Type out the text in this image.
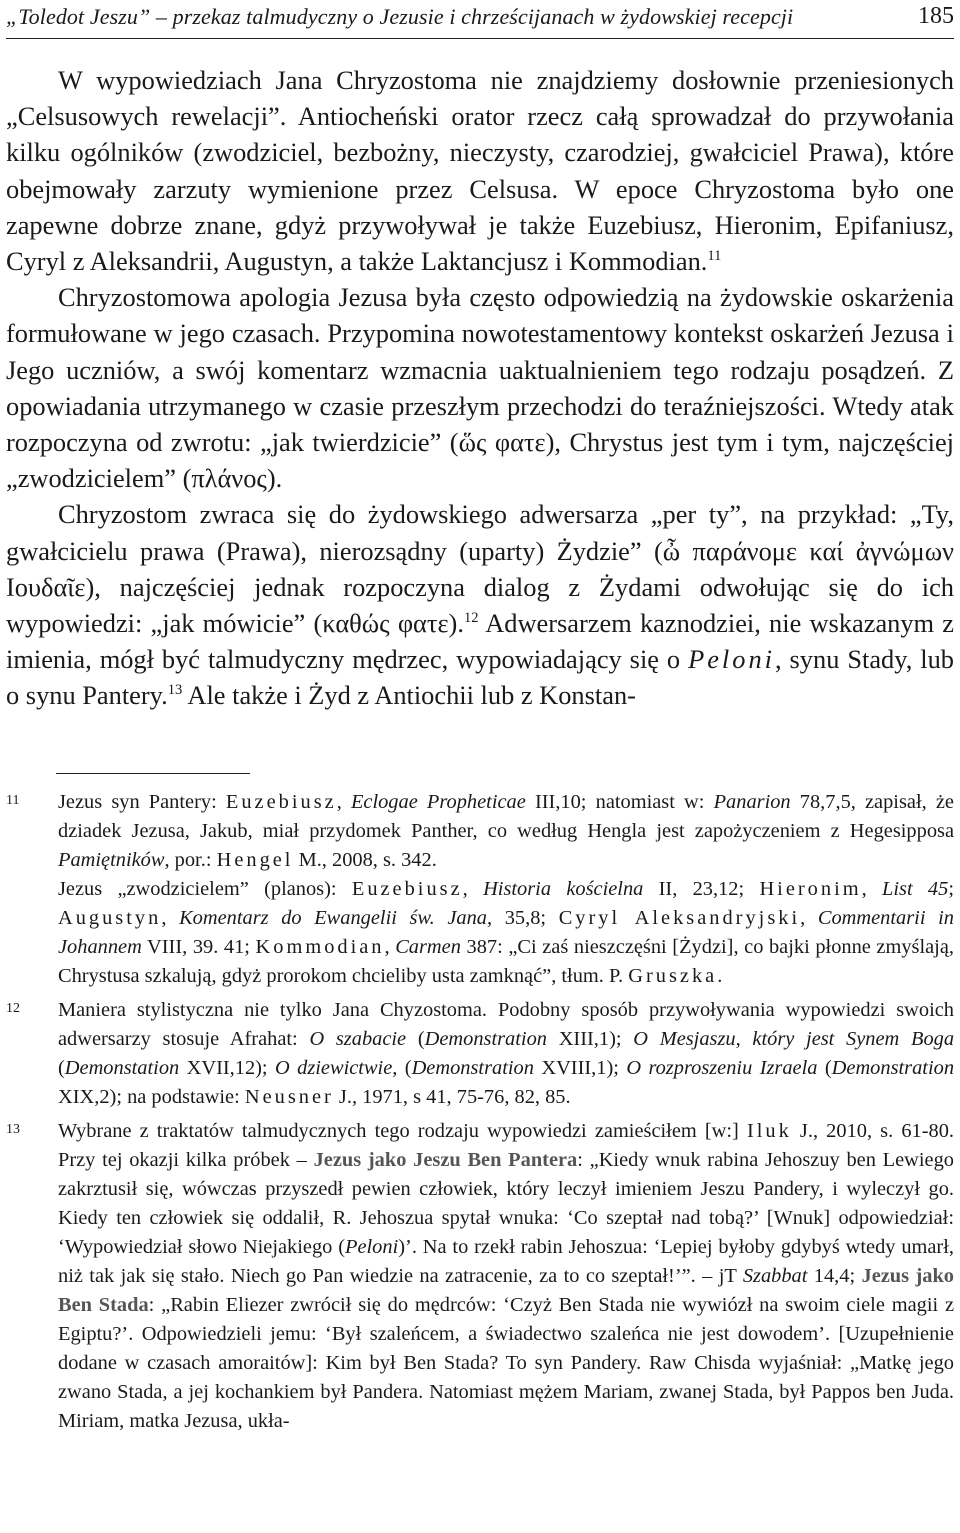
„Toledot Jeszu” – przekaz talmudyczny o Jezusie i chrześcijanach w żydowskiej recepcji	185

W wypowiedziach Jana Chryzostoma nie znajdziemy dosłownie przeniesionych „Celsusowych rewelacji”. Antiocheński orator rzecz całą sprowadzał do przywołania kilku ogólników (zwodziciel, bezbożny, nieczysty, czarodziej, gwałciciel Prawa), które obejmowały zarzuty wymienione przez Celsusa. W epoce Chryzostoma było one zapewne dobrze znane, gdyż przywoływał je także Euzebiusz, Hieronim, Epifaniusz, Cyryl z Aleksandrii, Augustyn, a także Laktancjusz i Kommodian.$^{11}$

Chryzostomowa apologia Jezusa była często odpowiedzią na żydowskie oskarżenia formułowane w jego czasach. Przypomina nowotestamentowy kontekst oskarżeń Jezusa i Jego uczniów, a swój komentarz wzmacnia uaktualnieniem tego rodzaju posądzeń. Z opowiadania utrzymanego w czasie przeszłym przechodzi do teraźniejszości. Wtedy atak rozpoczyna od zwrotu: „jak twierdzicie” (ὥς φατε), Chrystus jest tym i tym, najczęściej „zwodzicielem” (πλάνος).

Chryzostom zwraca się do żydowskiego adwersarza „per ty”, na przykład: „Ty, gwałcicielu prawa (Prawa), nierozsądny (uparty) Żydzie” (ὦ παράνομε καί ἀγνώμων Ιουδαῖε), najczęściej jednak rozpoczyna dialog z Żydami odwołując się do ich wypowiedzi: „jak mówicie” (καθώς φατε).$^{12}$ Adwersarzem kaznodziei, nie wskazanym z imienia, mógł być talmudyczny mędrzec, wypowiadający się o Peloni, synu Stady, lub o synu Pantery.$^{13}$ Ale także i Żyd z Antiochii lub z Konstan-

11 Jezus syn Pantery: Euzebiusz, Eclogae Propheticae III,10; natomiast w: Panarion 78,7,5, zapisał, że dziadek Jezusa, Jakub, miał przydomek Panther, co według Hengla jest zapożyczeniem z Hegesipposa Pamiętników, por.: Hengel M., 2008, s. 342.

Jezus „zwodzicielem” (planos): Euzebiusz, Historia kościelna II, 23,12; Hieronim, List 45; Augustyn, Komentarz do Ewangelii św. Jana, 35,8; Cyryl Aleksandryjski, Commentarii in Johannem VIII, 39. 41; Kommodian, Carmen 387: „Ci zaś nieszczęśni [Żydzi], co bajki płonne zmyślają, Chrystusa szkalują, gdyż prorokom chcieliby usta zamknąć”, tłum. P. Gruszka.

12 Maniera stylistyczna nie tylko Jana Chyzostoma. Podobny sposób przywoływania wypowiedzi swoich adwersarzy stosuje Afrahat: O szabacie (Demonstration XIII,1); O Mesjaszu, który jest Synem Boga (Demonstation XVII,12); O dziewictwie, (Demonstration XVIII,1); O rozproszeniu Izraela (Demonstration XIX,2); na podstawie: Neusner J., 1971, s 41, 75-76, 82, 85.

13 Wybrane z traktatów talmudycznych tego rodzaju wypowiedzi zamieściłem [w:] Iluk J., 2010, s. 61-80. Przy tej okazji kilka próbek – Jezus jako Jeszu Ben Pantera: „Kiedy wnuk rabina Jehoszuy ben Lewiego zakrztusił się, wówczas przyszedł pewien człowiek, który leczył imieniem Jeszu Pandery, i wyleczył go. Kiedy ten człowiek się oddalił, R. Jehoszua spytał wnuka: ‘Co szeptał nad tobą?’ [Wnuk] odpowiedział: ‘Wypowiedział słowo Niejakiego (Peloni)’. Na to rzekł rabin Jehoszua: ‘Lepiej byłoby gdybyś wtedy umarł, niż tak jak się stało. Niech go Pan wiedzie na zatracenie, za to co szeptał!’”. – jT Szabbat 14,4; Jezus jako Ben Stada: „Rabin Eliezer zwrócił się do mędrców: ‘Czyż Ben Stada nie wywiózł na swoim ciele magii z Egiptu?’. Odpowiedzieli jemu: ‘Był szaleńcem, a świadectwo szaleńca nie jest dowodem’. [Uzupełnienie dodane w czasach amoraitów]: Kim był Ben Stada? To syn Pandery. Raw Chisda wyjaśniał: „Matkę jego zwano Stada, a jej kochankiem był Pandera. Natomiast mężem Mariam, zwanej Stada, był Pappos ben Juda. Miriam, matka Jezusa, ukła-
